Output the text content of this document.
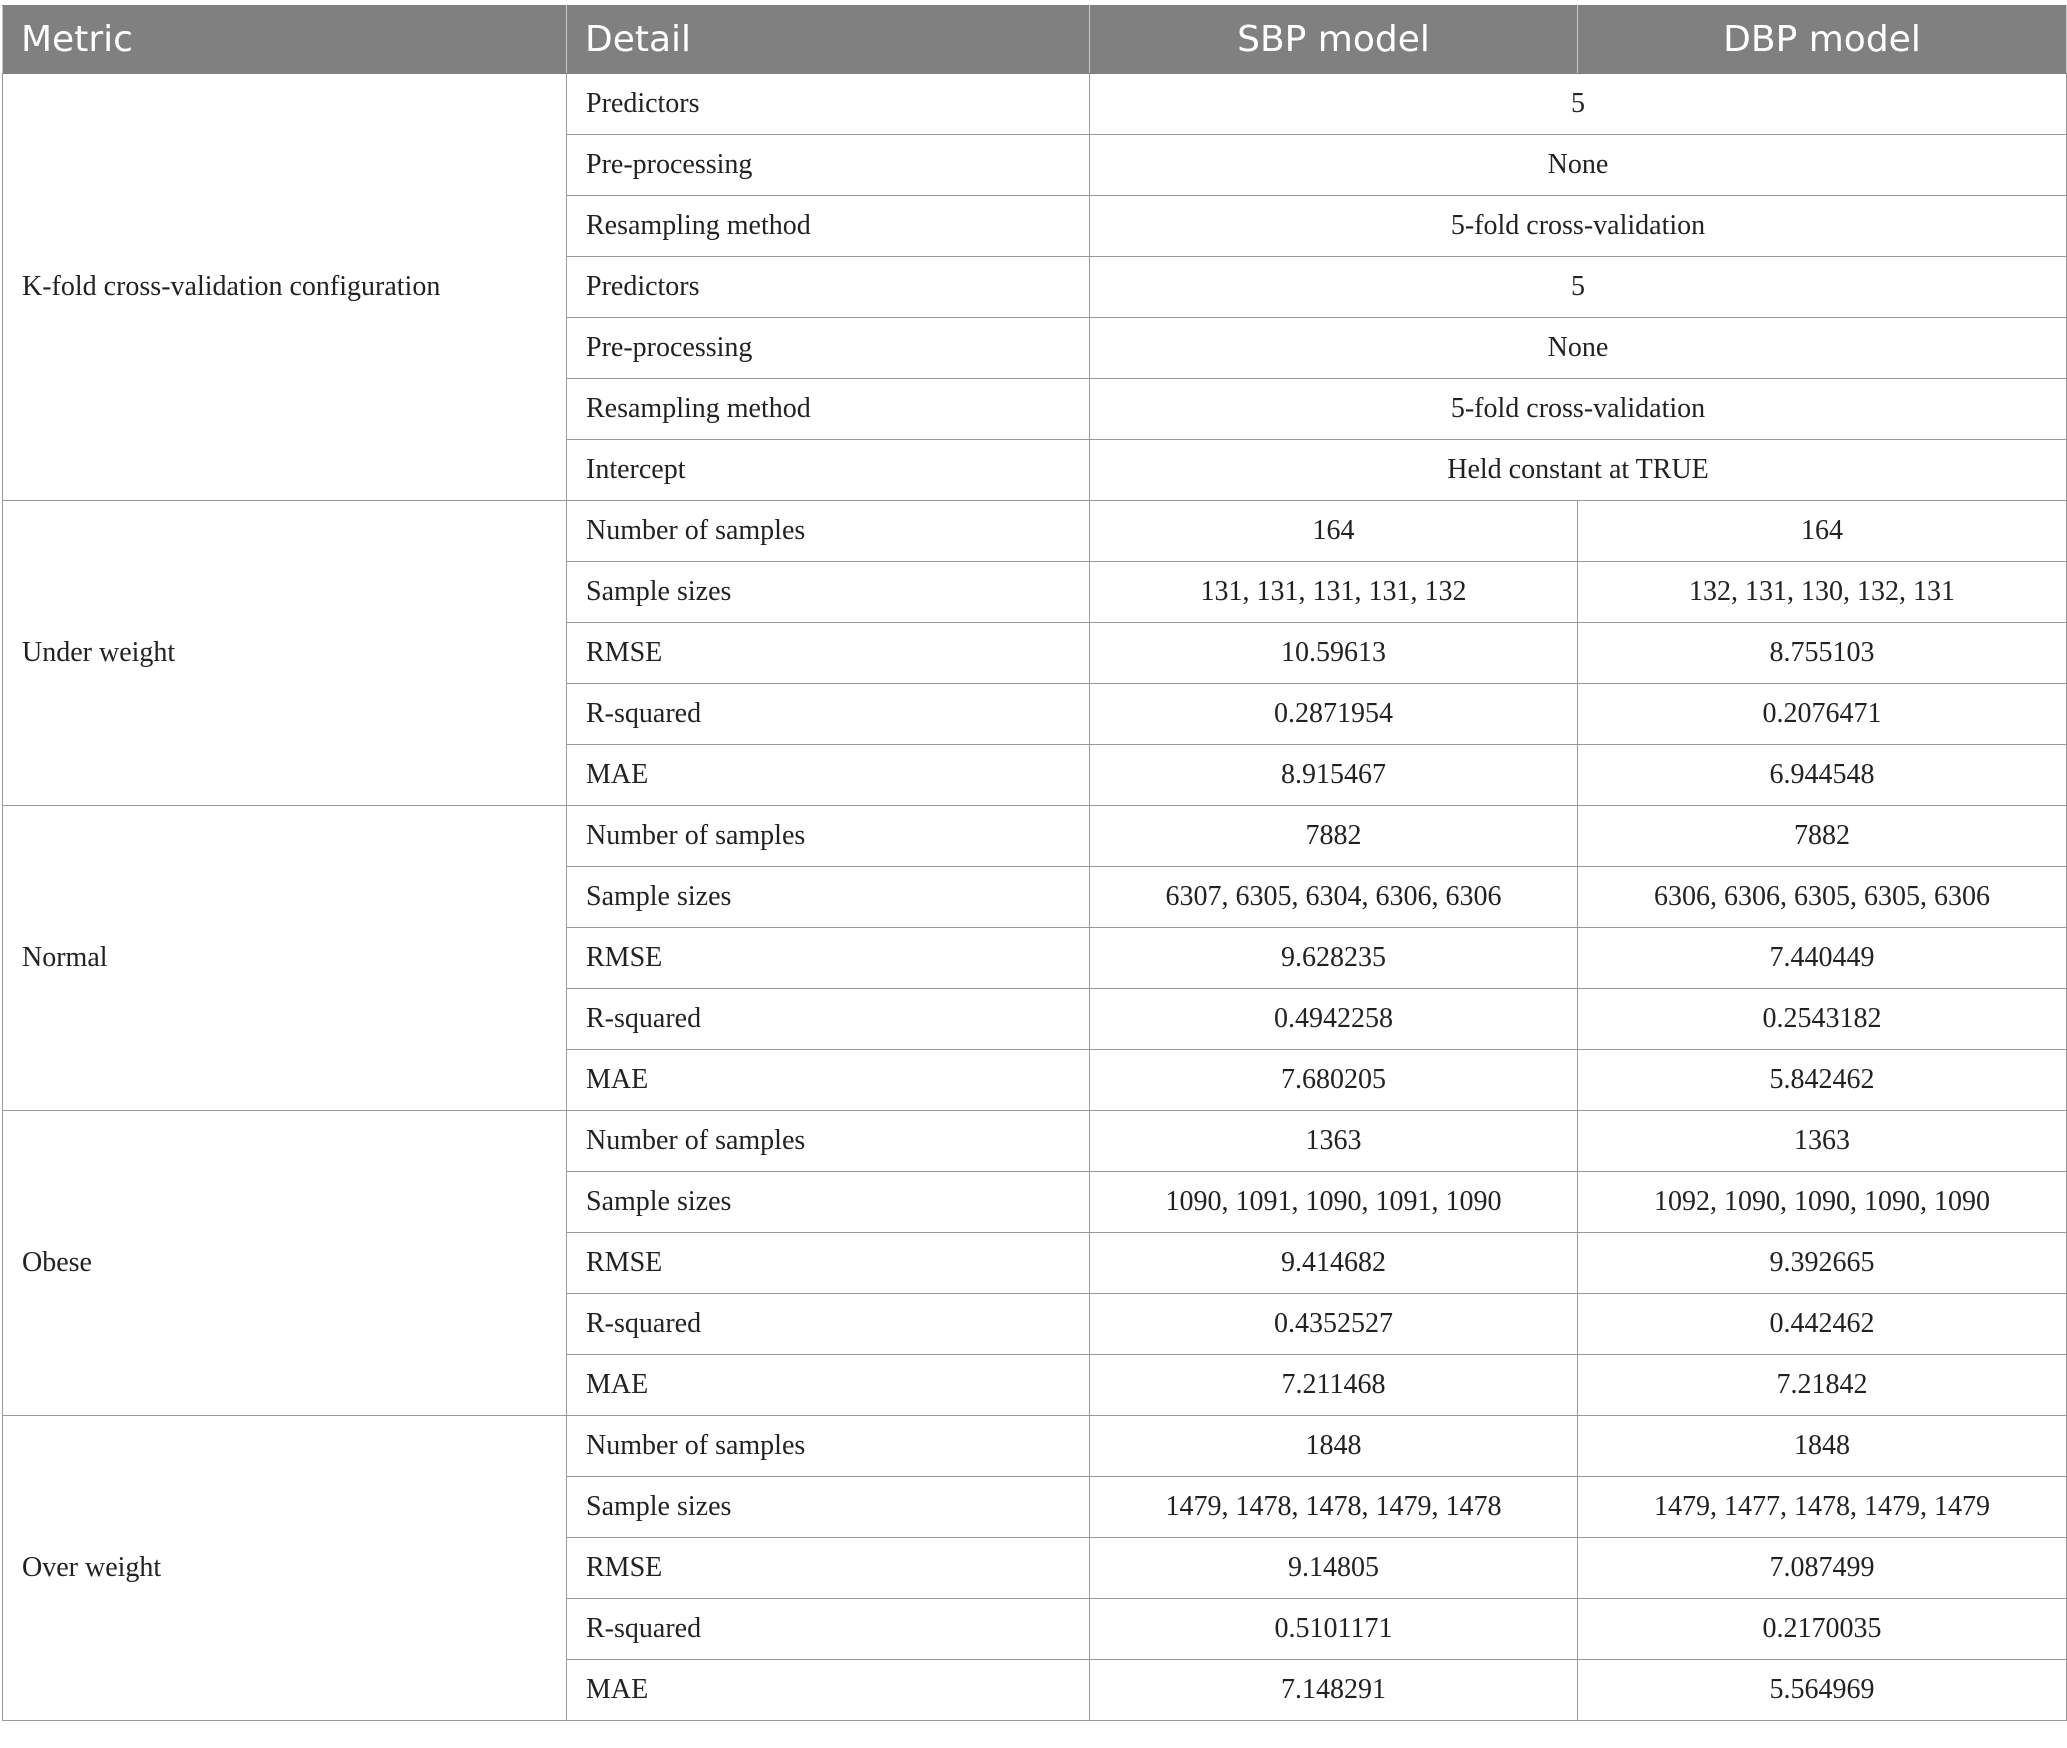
Metric	Detail	SBP model	DBP model
K-fold cross-validation configuration	Predictors	5	
	Pre-processing	None	
	Resampling method	5-fold cross-validation	
	Predictors	5	
	Pre-processing	None	
	Resampling method	5-fold cross-validation	
	Intercept	Held constant at TRUE	
Under weight	Number of samples	164	164
	Sample sizes	131, 131, 131, 131, 132	132, 131, 130, 132, 131
	RMSE	10.59613	8.755103
	R-squared	0.2871954	0.2076471
	MAE	8.915467	6.944548
Normal	Number of samples	7882	7882
	Sample sizes	6307, 6305, 6304, 6306, 6306	6306, 6306, 6305, 6305, 6306
	RMSE	9.628235	7.440449
	R-squared	0.4942258	0.2543182
	MAE	7.680205	5.842462
Obese	Number of samples	1363	1363
	Sample sizes	1090, 1091, 1090, 1091, 1090	1092, 1090, 1090, 1090, 1090
	RMSE	9.414682	9.392665
	R-squared	0.4352527	0.442462
	MAE	7.211468	7.21842
Over weight	Number of samples	1848	1848
	Sample sizes	1479, 1478, 1478, 1479, 1478	1479, 1477, 1478, 1479, 1479
	RMSE	9.14805	7.087499
	R-squared	0.5101171	0.2170035
	MAE	7.148291	5.564969
